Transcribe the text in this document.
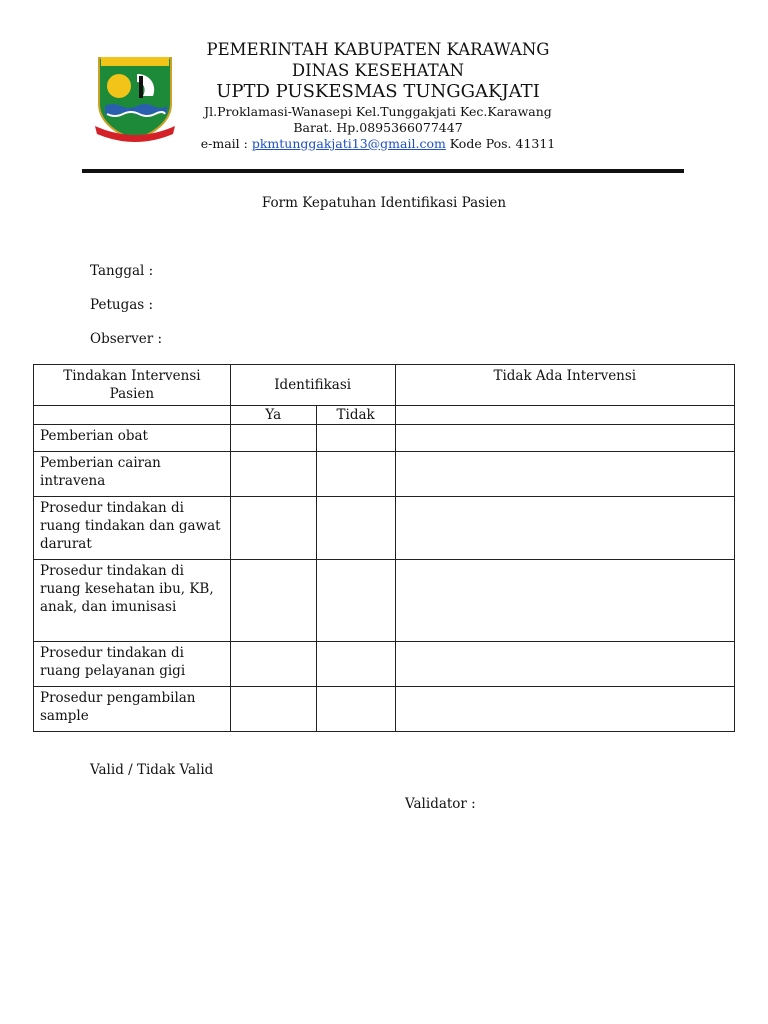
PEMERINTAH KABUPATEN KARAWANG
DINAS KESEHATAN
UPTD PUSKESMAS TUNGGAKJATI
Jl.Proklamasi-Wanasepi Kel.Tunggakjati Kec.Karawang
Barat. Hp.0895366077447
e-mail : pkmtunggakjati13@gmail.com Kode Pos. 41311
Form Kepatuhan Identifikasi Pasien
Tanggal :
Petugas :
Observer :
Tindakan Intervensi Pasien	Identifikasi		Tidak Ada Intervensi
	Ya	Tidak	
Pemberian obat			
Pemberian cairan intravena			
Prosedur tindakan di ruang tindakan dan gawat darurat			
Prosedur tindakan di ruang kesehatan ibu, KB, anak, dan imunisasi			
Prosedur tindakan di ruang pelayanan gigi			
Prosedur pengambilan sample			
Valid / Tidak Valid
Validator :
